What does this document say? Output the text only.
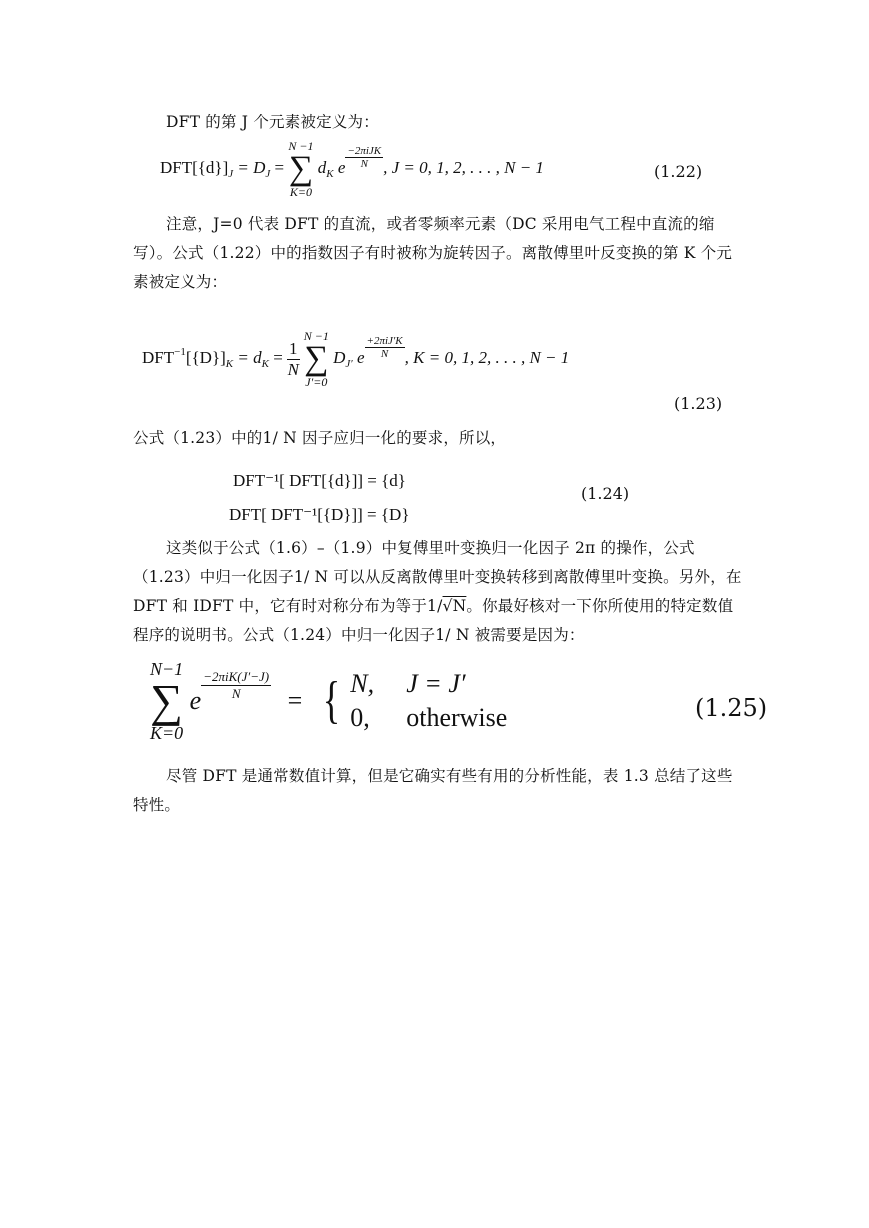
DFT 的第 J 个元素被定义为：
$DFT[\{d\}]_J = D_J$ =
N −1
∑
K=0
$d_K$ e $\frac{\text{−2πiJK}}{N}$ , J = 0, 1, 2, . . . , N − 1	(1.22)
注意，J=0 代表 DFT 的直流，或者零频率元素（DC 采用电气工程中直流的缩写）。公式（1.22）中的指数因子有时被称为旋转因子。离散傅里叶反变换的第 K 个元素被定义为：
$DFT^{-1}[\{D\}]_K = d_K = \frac{1}{N}$

N −1
∑
J′=0
$D_{J'}$ e $\frac{\text{+2πiJ′K}}{N}$ , K = 0, 1, 2, . . . , N − 1
(1.23)
公式（1.23）中的1/ N 因子应归一化的要求，所以，
DFT⁻¹[ DFT[{d}]] = {d}
DFT[ DFT⁻¹[{D}]] = {D}
(1.24)
这类似于公式（1.6）–（1.9）中复傅里叶变换归一化因子 2π 的操作，公式（1.23）中归一化因子1/ N 可以从反离散傅里叶变换转移到离散傅里叶变换。另外，在 DFT 和 IDFT 中，它有时对称分布为等于1/√N。你最好核对一下你所使用的特定数值程序的说明书。公式（1.24）中归一化因子1/ N 被需要是因为：
N−1
∑
K=0
e $\frac{\text{−2πiK(J′−J)}}{N}$ = { N, J = J′
0, otherwise	(1.25)
尽管 DFT 是通常数值计算，但是它确实有些有用的分析性能，表 1.3 总结了这些特性。
